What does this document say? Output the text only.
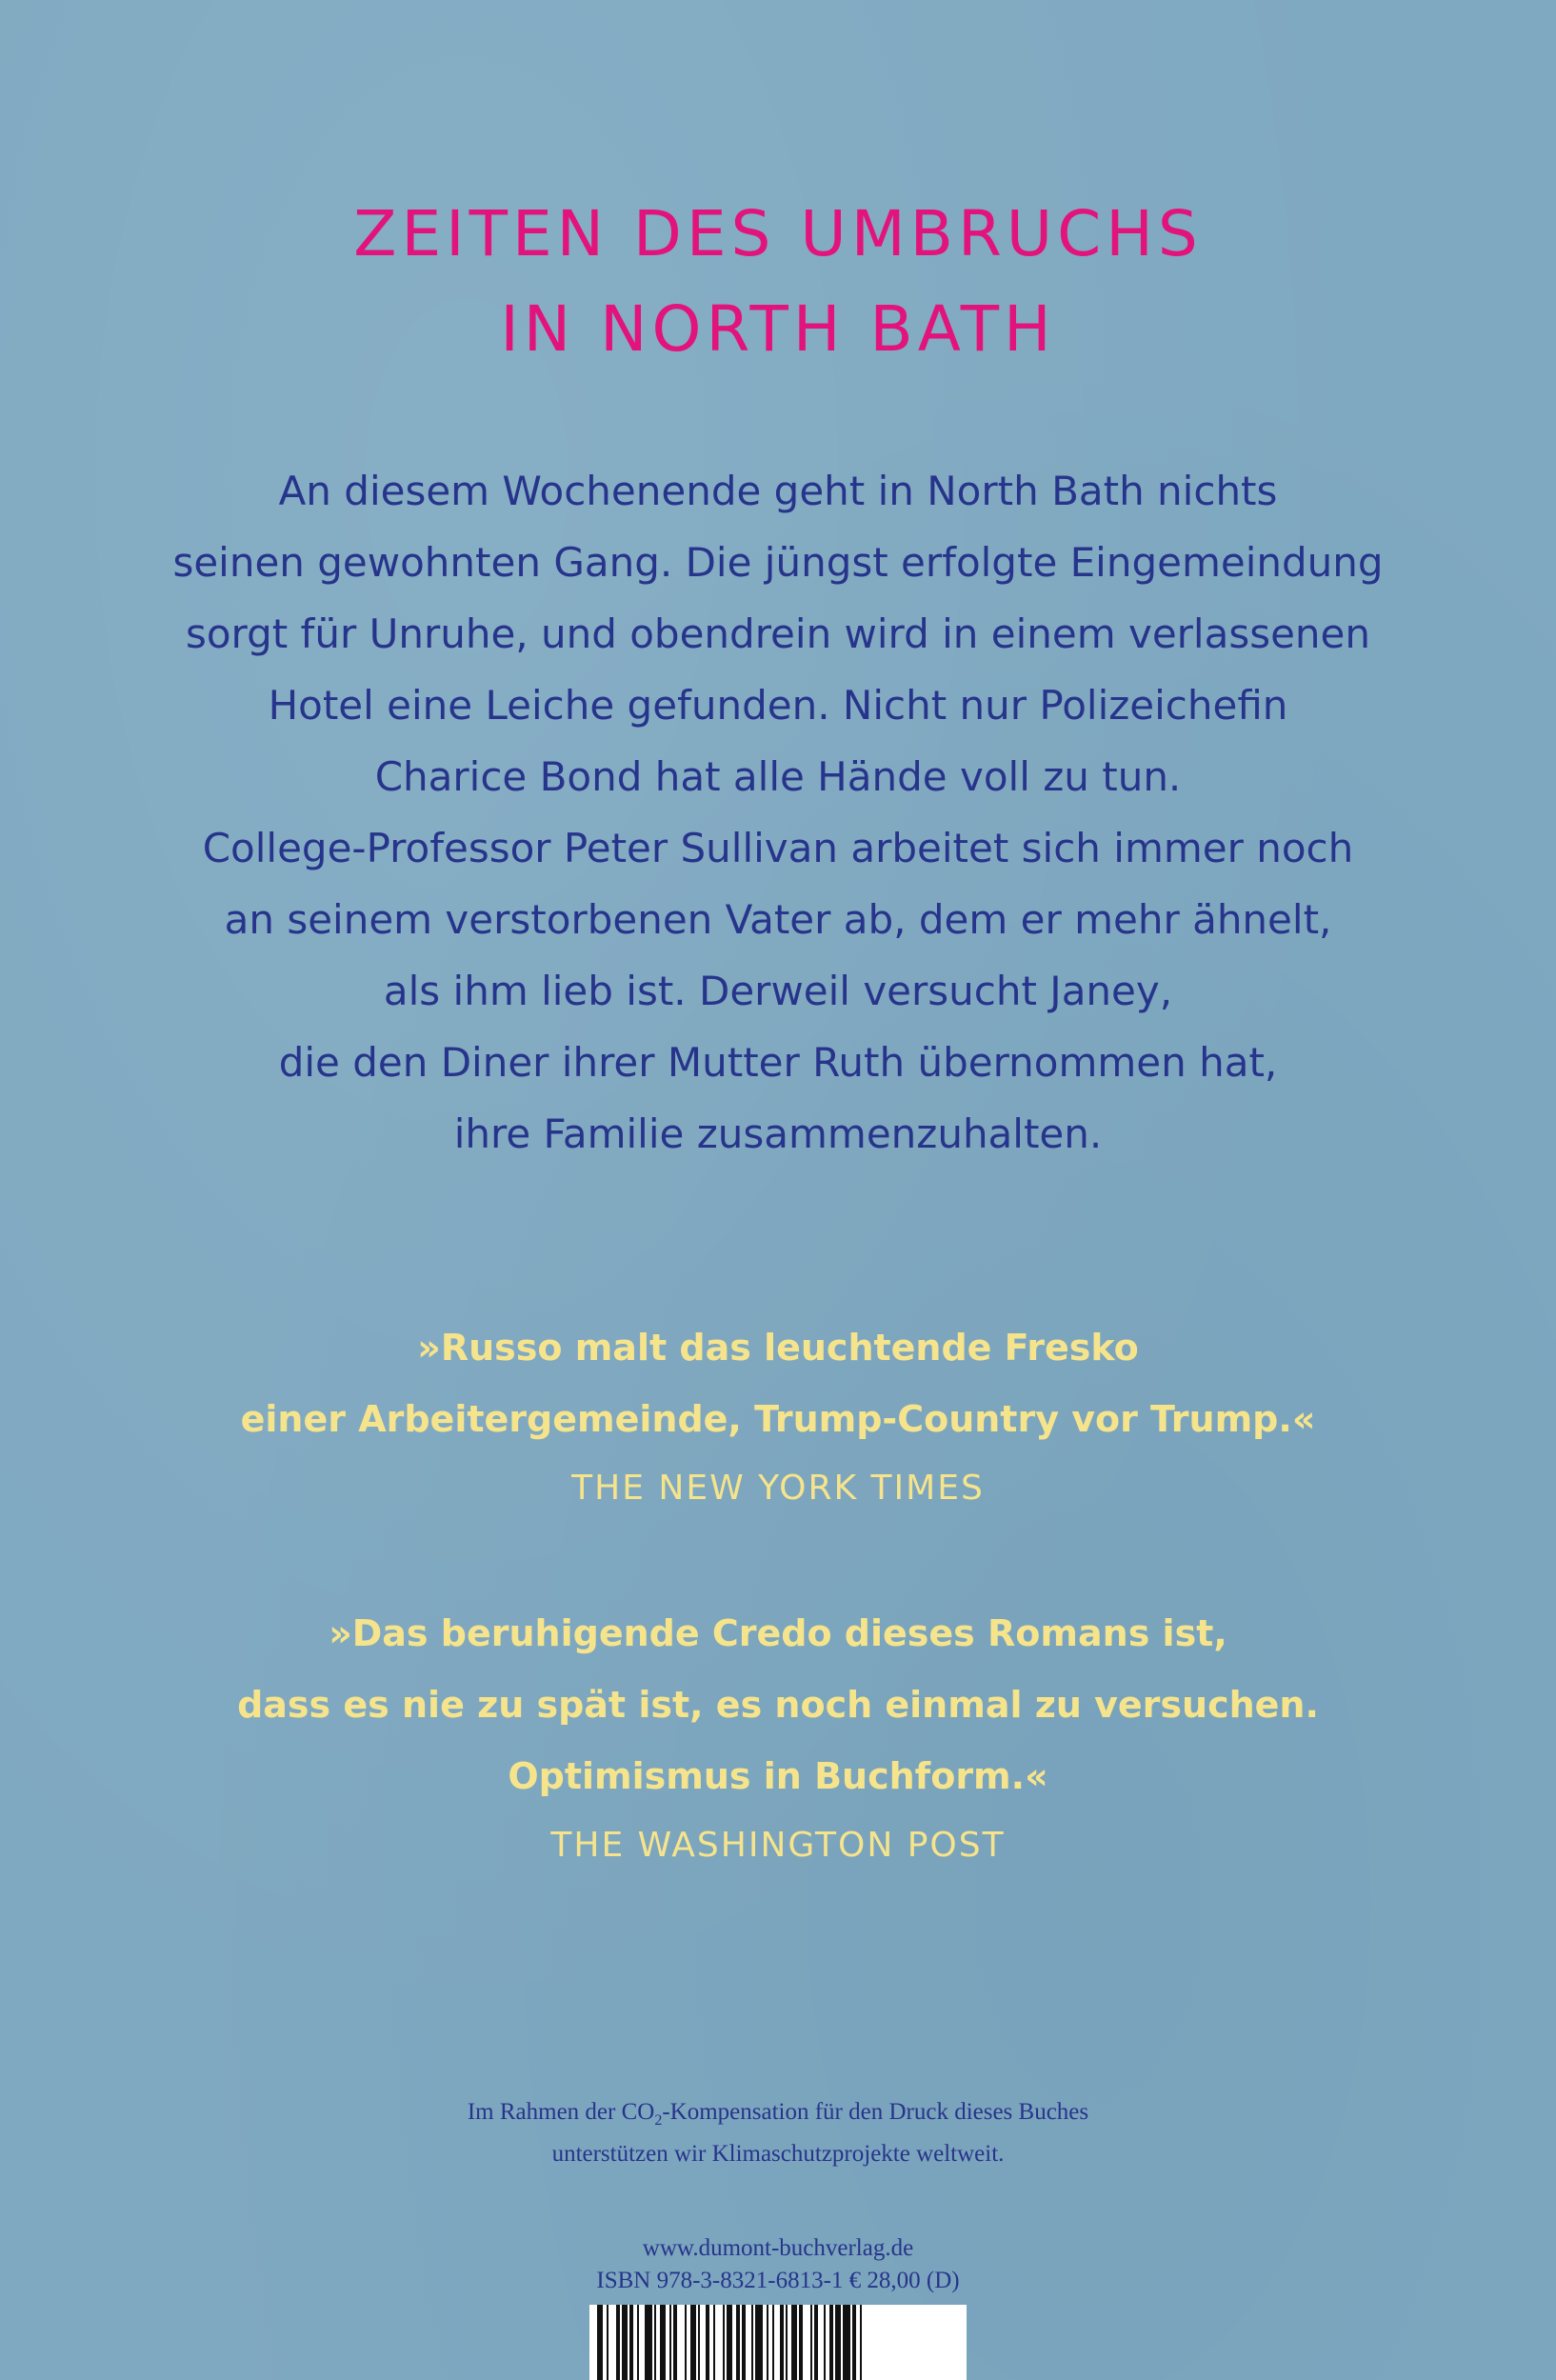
ZEITEN DES UMBRUCHS
IN NORTH BATH
An diesem Wochenende geht in North Bath nichts
seinen gewohnten Gang. Die jüngst erfolgte Eingemeindung
sorgt für Unruhe, und obendrein wird in einem verlassenen
Hotel eine Leiche gefunden. Nicht nur Polizeichefin
Charice Bond hat alle Hände voll zu tun.
College-Professor Peter Sullivan arbeitet sich immer noch
an seinem verstorbenen Vater ab, dem er mehr ähnelt,
als ihm lieb ist. Derweil versucht Janey,
die den Diner ihrer Mutter Ruth übernommen hat,
ihre Familie zusammenzuhalten.
»Russo malt das leuchtende Fresko
einer Arbeitergemeinde, Trump-Country vor Trump.«
THE NEW YORK TIMES
»Das beruhigende Credo dieses Romans ist,
dass es nie zu spät ist, es noch einmal zu versuchen.
Optimismus in Buchform.«
THE WASHINGTON POST
Im Rahmen der $CO_2$-Kompensation für den Druck dieses Buches
unterstützen wir Klimaschutzprojekte weltweit.
www.dumont-buchverlag.de
ISBN 978-3-8321-6813-1 € 28,00 (D)
